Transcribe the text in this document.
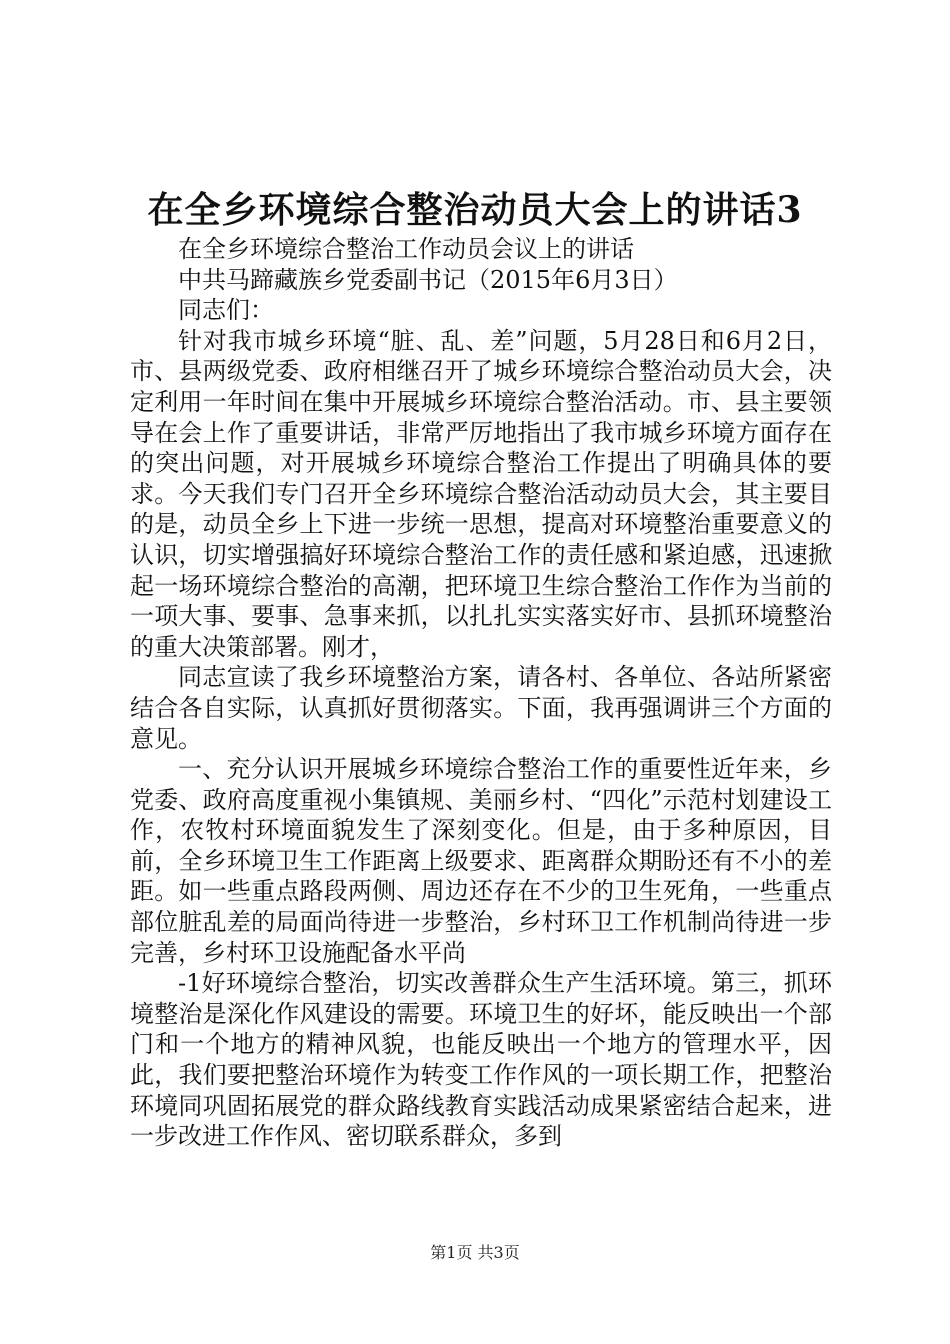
在全乡环境综合整治动员大会上的讲话3

在全乡环境综合整治工作动员会议上的讲话

中共马蹄藏族乡党委副书记（2015年6月3日）

同志们：

针对我市城乡环境“脏、乱、差”问题，5月28日和6月2日，市、县两级党委、政府相继召开了城乡环境综合整治动员大会，决定利用一年时间在集中开展城乡环境综合整治活动。市、县主要领导在会上作了重要讲话，非常严厉地指出了我市城乡环境方面存在的突出问题，对开展城乡环境综合整治工作提出了明确具体的要求。今天我们专门召开全乡环境综合整治活动动员大会，其主要目的是，动员全乡上下进一步统一思想，提高对环境整治重要意义的认识，切实增强搞好环境综合整治工作的责任感和紧迫感，迅速掀起一场环境综合整治的高潮，把环境卫生综合整治工作作为当前的一项大事、要事、急事来抓，以扎扎实实落实好市、县抓环境整治的重大决策部署。刚才，

同志宣读了我乡环境整治方案，请各村、各单位、各站所紧密结合各自实际，认真抓好贯彻落实。下面，我再强调讲三个方面的意见。

一、充分认识开展城乡环境综合整治工作的重要性近年来，乡党委、政府高度重视小集镇规、美丽乡村、“四化”示范村划建设工作，农牧村环境面貌发生了深刻变化。但是，由于多种原因，目前，全乡环境卫生工作距离上级要求、距离群众期盼还有不小的差距。如一些重点路段两侧、周边还存在不少的卫生死角，一些重点部位脏乱差的局面尚待进一步整治，乡村环卫工作机制尚待进一步完善，乡村环卫设施配备水平尚

-1好环境综合整治，切实改善群众生产生活环境。第三，抓环境整治是深化作风建设的需要。环境卫生的好坏，能反映出一个部门和一个地方的精神风貌，也能反映出一个地方的管理水平，因此，我们要把整治环境作为转变工作作风的一项长期工作，把整治环境同巩固拓展党的群众路线教育实践活动成果紧密结合起来，进一步改进工作作风、密切联系群众，多到

第1页 共3页
